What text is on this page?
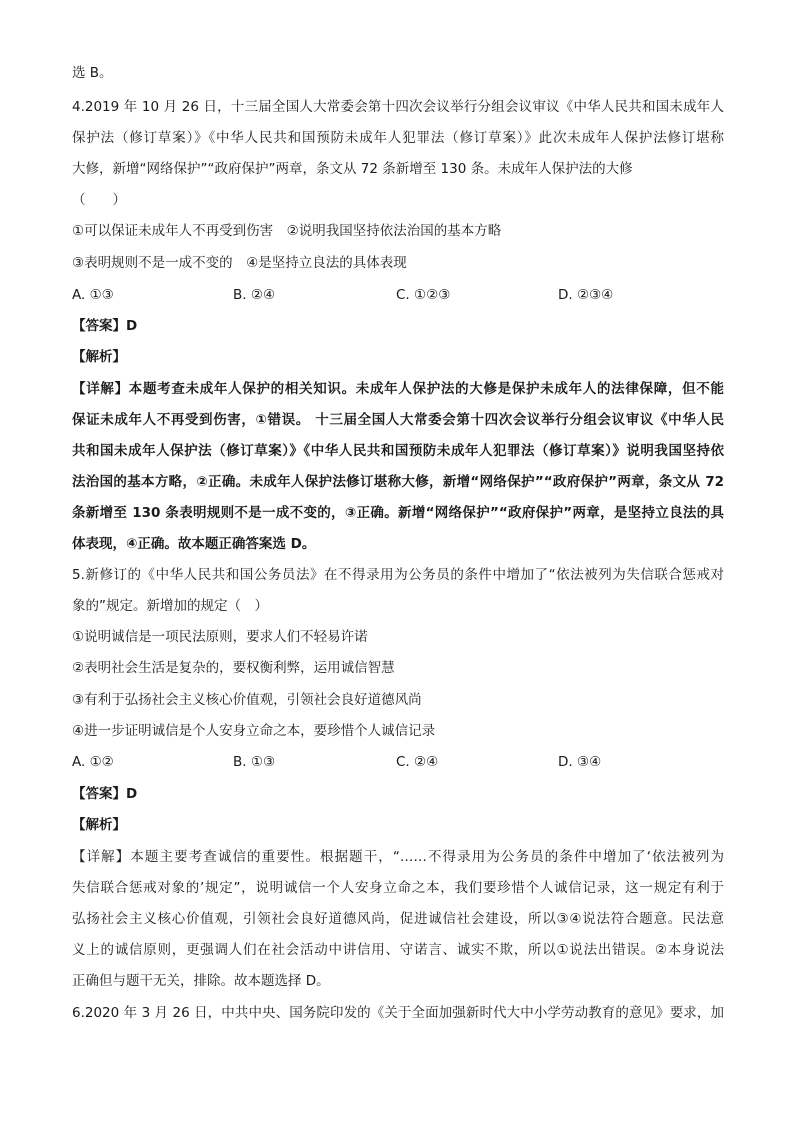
选 B。
4.2019 年 10 月 26 日，十三届全国人大常委会第十四次会议举行分组会议审议《中华人民共和国未成年人
保护法（修订草案）》《中华人民共和国预防未成年人犯罪法（修订草案）》此次未成年人保护法修订堪称
大修，新增“网络保护”“政府保护”两章，条文从 72 条新增至 130 条。未成年人保护法的大修
（　　）
①可以保证未成年人不再受到伤害　②说明我国坚持依法治国的基本方略
③表明规则不是一成不变的　④是坚持立良法的具体表现
A. ①③	B. ②④	C. ①②③	D. ②③④
【答案】D
【解析】
【详解】本题考查未成年人保护的相关知识。未成年人保护法的大修是保护未成年人的法律保障，但不能
保证未成年人不再受到伤害，①错误。 十三届全国人大常委会第十四次会议举行分组会议审议《中华人民
共和国未成年人保护法（修订草案）》《中华人民共和国预防未成年人犯罪法（修订草案）》说明我国坚持依
法治国的基本方略，②正确。未成年人保护法修订堪称大修，新增“网络保护”“政府保护”两章，条文从 72
条新增至 130 条表明规则不是一成不变的，③正确。新增“网络保护”“政府保护”两章，是坚持立良法的具
体表现，④正确。故本题正确答案选 D。
5.新修订的《中华人民共和国公务员法》在不得录用为公务员的条件中增加了“依法被列为失信联合惩戒对
象的”规定。新增加的规定（　）
①说明诚信是一项民法原则，要求人们不轻易许诺
②表明社会生活是复杂的，要权衡利弊，运用诚信智慧
③有利于弘扬社会主义核心价值观，引领社会良好道德风尚
④进一步证明诚信是个人安身立命之本，要珍惜个人诚信记录
A. ①②	B. ①③	C. ②④	D. ③④
【答案】D
【解析】
【详解】本题主要考查诚信的重要性。根据题干，“……不得录用为公务员的条件中增加了‘依法被列为
失信联合惩戒对象的’规定”，说明诚信一个人安身立命之本，我们要珍惜个人诚信记录，这一规定有利于
弘扬社会主义核心价值观，引领社会良好道德风尚，促进诚信社会建设，所以③④说法符合题意。民法意
义上的诚信原则，更强调人们在社会活动中讲信用、守诺言、诚实不欺，所以①说法出错误。②本身说法
正确但与题干无关，排除。故本题选择 D。
6.2020 年 3 月 26 日，中共中央、国务院印发的《关于全面加强新时代大中小学劳动教育的意见》要求，加
